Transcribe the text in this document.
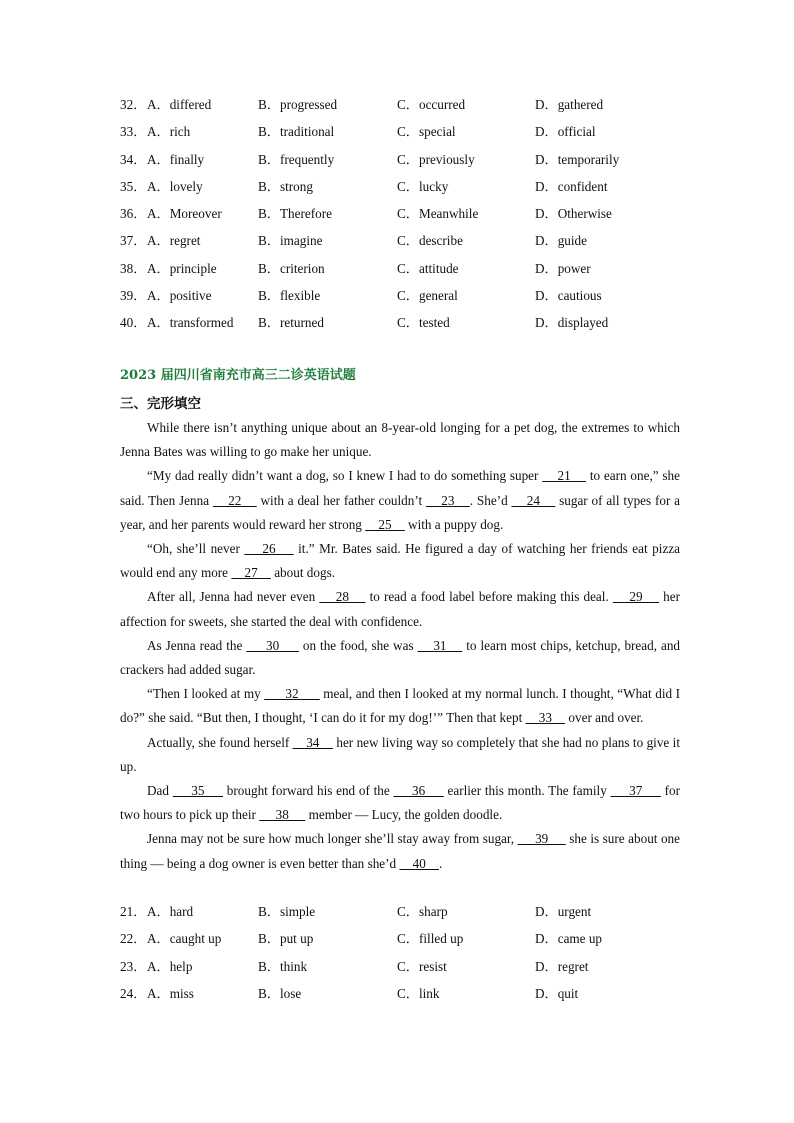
32． A．differed	B．progressed	C．occurred	D．gathered
33． A．rich	B．traditional	C．special	D．official
34． A．finally	B．frequently	C．previously	D．temporarily
35． A．lovely	B．strong	C．lucky	D．confident
36． A．Moreover	B．Therefore	C．Meanwhile	D．Otherwise
37． A．regret	B．imagine	C．describe	D．guide
38． A．principle	B．criterion	C．attitude	D．power
39． A．positive	B．flexible	C．general	D．cautious
40． A．transformed B．returned	C．tested	D．displayed
2023 届四川省南充市高三二诊英语试题
三、完形填空

While there isn’t anything unique about an 8-year-old longing for a pet dog, the extremes to which Jenna Bates was willing to go make her unique.

“My dad really didn’t want a dog, so I knew I had to do something super     21     to earn one,” she said. Then Jenna     22     with a deal her father couldn’t     23    . She’d     24     sugar of all types for a year, and her parents would reward her strong     25     with a puppy dog.

“Oh, she’ll never     26     it.” Mr. Bates said. He figured a day of watching her friends eat pizza would end any more     27     about dogs.

After all, Jenna had never even     28     to read a food label before making this deal.     29     her affection for sweets, she started the deal with confidence.

As Jenna read the      30      on the food, she was     31     to learn most chips, ketchup, bread, and crackers had added sugar.

“Then I looked at my       32       meal, and then I looked at my normal lunch. I thought, “What did I do?” she said. “But then, I thought, ‘I can do it for my dog!’” Then that kept     33     over and over.

Actually, she found herself     34     her new living way so completely that she had no plans to give it up.

Dad      35      brought forward his end of the      36      earlier this month. The family      37      for two hours to pick up their      38      member — Lucy, the golden doodle.

Jenna may not be sure how much longer she’ll stay away from sugar,      39      she is sure about one thing — being a dog owner is even better than she’d     40    .

21． A．hard	B．simple	C．sharp	D．urgent
22． A．caught up	B．put up	C．filled up	D．came up
23． A．help	B．think	C．resist	D．regret
24． A．miss	B．lose	C．link	D．quit
